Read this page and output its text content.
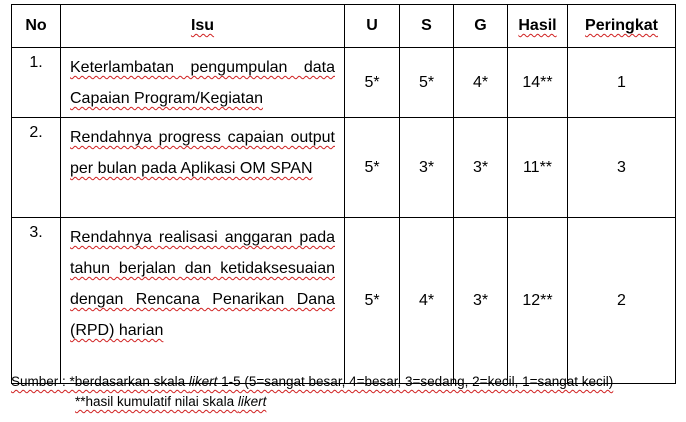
No	Isu	U	S	G	Hasil	Peringkat
1.	Keterlambatan pengumpulan data Capaian Program/Kegiatan	5*	5*	4*	14**	1
2.	Rendahnya progress capaian output per bulan pada Aplikasi OM SPAN	5*	3*	3*	11**	3
3.	Rendahnya realisasi anggaran pada tahun berjalan dan ketidaksesuaian dengan Rencana Penarikan Dana (RPD) harian	5*	4*	3*	12**	2
Sumber : *berdasarkan skala likert 1-5 (5=sangat besar, 4=besar, 3=sedang, 2=kecil, 1=sangat kecil)
**hasil kumulatif nilai skala likert
